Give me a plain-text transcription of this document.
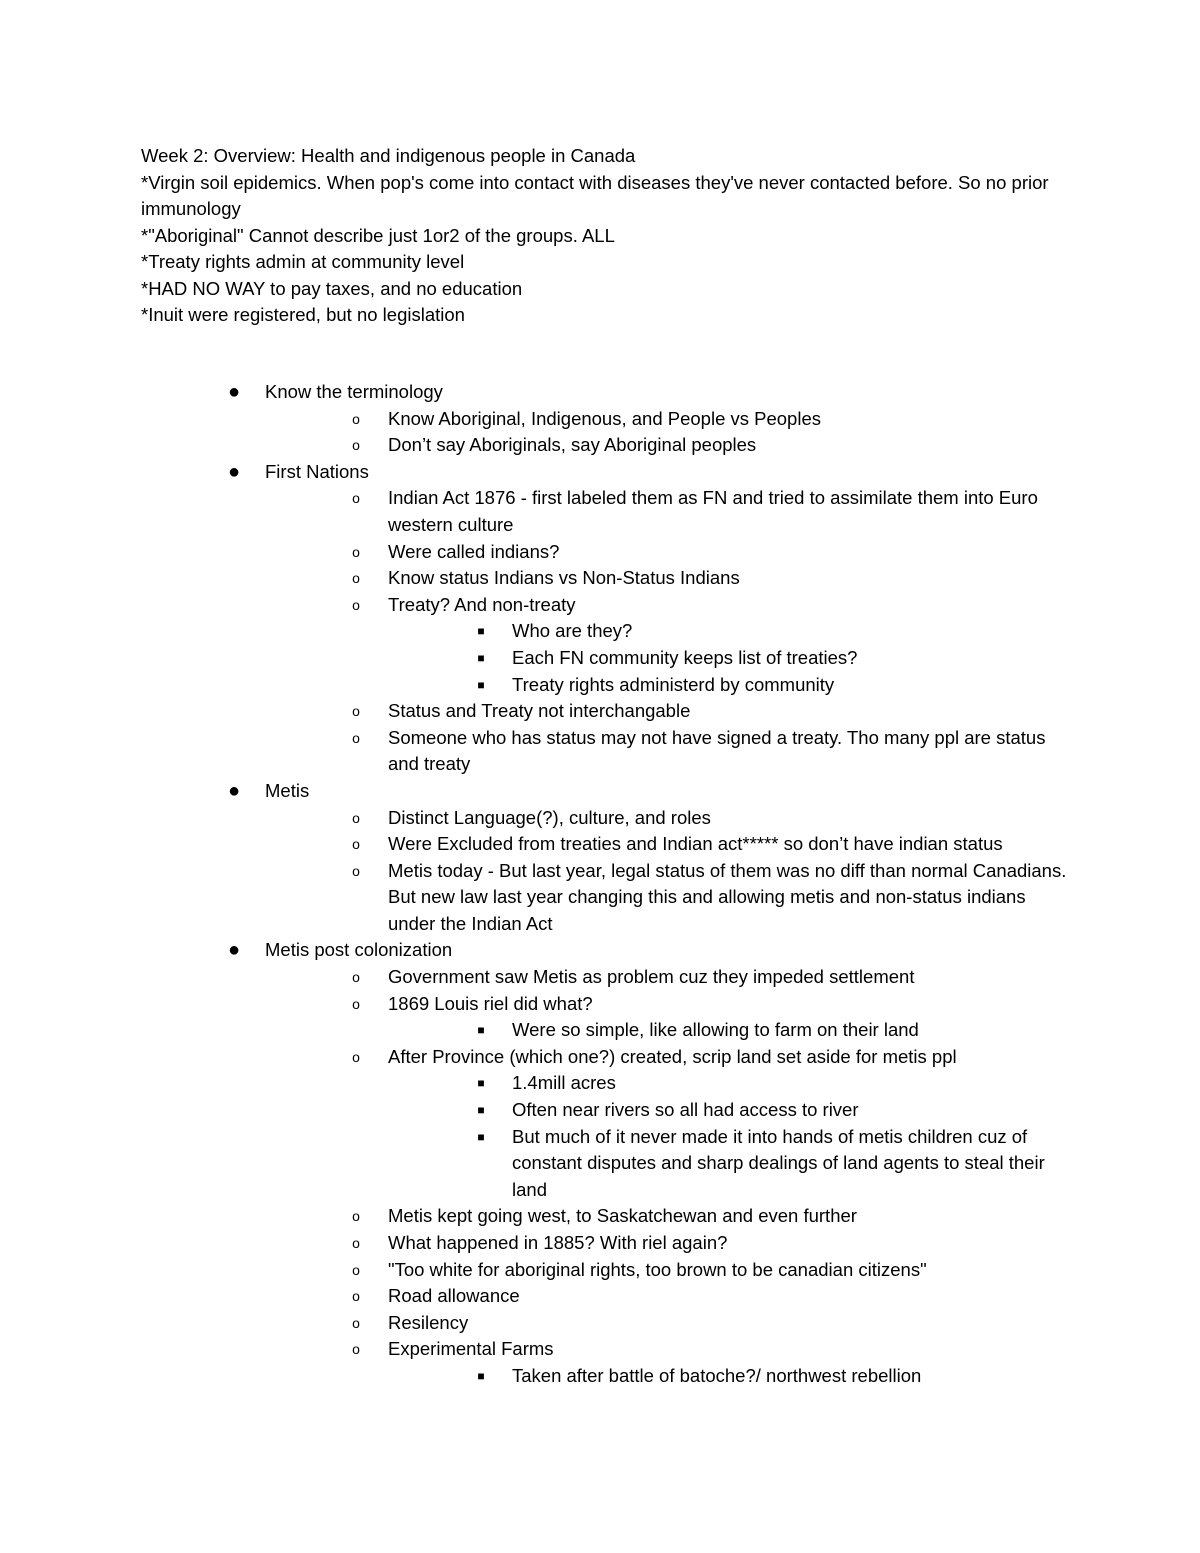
Week 2: Overview: Health and indigenous people in Canada
*Virgin soil epidemics. When pop's come into contact with diseases they've never contacted before. So no prior immunology
*"Aboriginal" Cannot describe just 1or2 of the groups. ALL
*Treaty rights admin at community level
*HAD NO WAY to pay taxes, and no education
*Inuit were registered, but no legislation
● Know the terminology
o	Know Aboriginal, Indigenous, and People vs Peoples
o	Don’t say Aboriginals, say Aboriginal peoples
● First Nations
o	Indian Act 1876 - first labeled them as FN and tried to assimilate them into Euro western culture
o	Were called indians?
o	Know status Indians vs Non-Status Indians
o	Treaty? And non-treaty
■	Who are they?
■	Each FN community keeps list of treaties?
■	Treaty rights administerd by community
o	Status and Treaty not interchangable
o	Someone who has status may not have signed a treaty. Tho many ppl are status and treaty
● Metis
o	Distinct Language(?), culture, and roles
o	Were Excluded from treaties and Indian act***** so don’t have indian status
o	Metis today - But last year, legal status of them was no diff than normal Canadians. But new law last year changing this and allowing metis and non-status indians under the Indian Act
● Metis post colonization
o	Government saw Metis as problem cuz they impeded settlement
o	1869 Louis riel did what?
■	Were so simple, like allowing to farm on their land
o	After Province (which one?) created, scrip land set aside for metis ppl
■	1.4mill acres
■	Often near rivers so all had access to river
■	But much of it never made it into hands of metis children cuz of constant disputes and sharp dealings of land agents to steal their land
o	Metis kept going west, to Saskatchewan and even further
o	What happened in 1885? With riel again?
o	"Too white for aboriginal rights, too brown to be canadian citizens"
o	Road allowance
o	Resilency
o	Experimental Farms
■	Taken after battle of batoche?/ northwest rebellion
